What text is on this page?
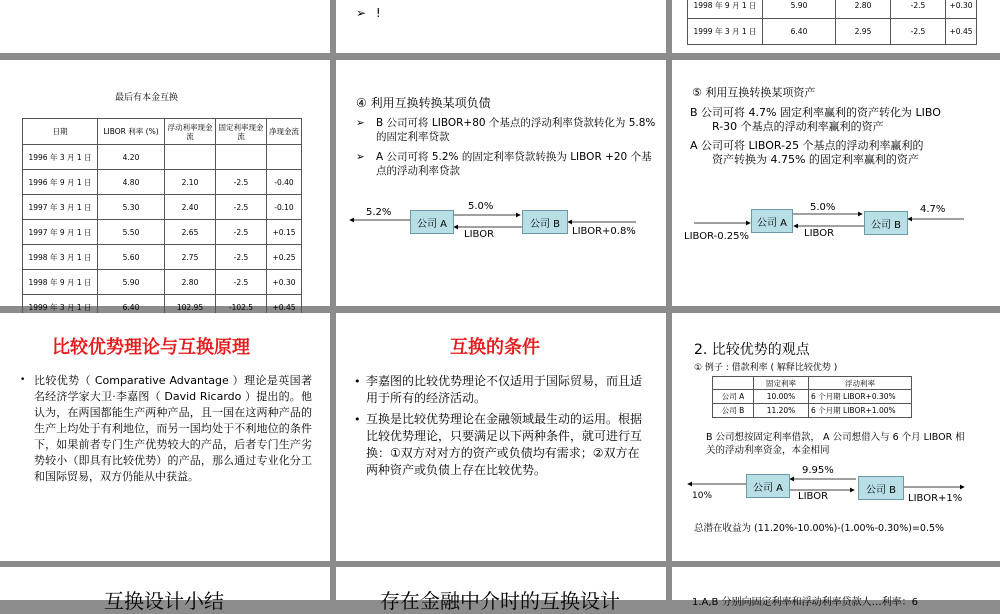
➢ !
1998 年 9 月 1 日	5.90	2.80	-2.5	+0.30
1999 年 3 月 1 日	6.40	2.95	-2.5	+0.45
最后有本金互换
日期	LIBOR 利率 (%)	浮动利率现金流	固定利率现金流	净现金流
1996 年 3 月 1 日	4.20			
1996 年 9 月 1 日	4.80	2.10	-2.5	-0.40
1997 年 3 月 1 日	5.30	2.40	-2.5	-0.10
1997 年 9 月 1 日	5.50	2.65	-2.5	+0.15
1998 年 3 月 1 日	5.60	2.75	-2.5	+0.25
1998 年 9 月 1 日	5.90	2.80	-2.5	+0.30
1999 年 3 月 1 日	6.40	102.95	-102.5	+0.45
④ 利用互换转换某项负债
➢ B 公司可将 LIBOR+80 个基点的浮动利率贷款转化为 5.8% 的固定利率贷款
➢ A 公司可将 5.2% 的固定利率贷款转换为 LIBOR +20 个基点的浮动利率贷款
5.2%
公司 A
5.0%
LIBOR
公司 B
LIBOR+0.8%
⑤ 利用互换转换某项资产
B 公司可将 4.7% 固定利率赢利的资产转化为 LIBO
R-30 个基点的浮动利率赢利的资产
A 公司可将 LIBOR-25 个基点的浮动利率赢利的
资产转换为 4.75% 的固定利率赢利的资产
公司 A
5.0%
LIBOR
公司 B
4.7%
LIBOR-0.25%
比较优势理论与互换原理
• 比较优势（ Comparative Advantage ）理论是英国著名经济学家大卫·李嘉图（ David Ricardo ）提出的。他认为，在两国都能生产两种产品，且一国在这两种产品的生产上均处于有利地位，而另一国均处于不利地位的条件下，如果前者专门生产优势较大的产品，后者专门生产劣势较小（即具有比较优势）的产品，那么通过专业化分工和国际贸易，双方仍能从中获益。
互换的条件
• 李嘉图的比较优势理论不仅适用于国际贸易，而且适用于所有的经济活动。
• 互换是比较优势理论在金融领域最生动的运用。根据比较优势理论，只要满足以下两种条件，就可进行互换：①双方对对方的资产或负债均有需求；②双方在两种资产或负债上存在比较优势。
2. 比较优势的观点
① 例子 : 借款利率 ( 解释比较优势 )
	固定利率	浮动利率
公司 A	10.00%	6 个月期 LIBOR+0.30%
公司 B	11.20%	6 个月期 LIBOR+1.00%
B 公司想按固定利率借款， A 公司想借入与 6 个月 LIBOR 相关的浮动利率资金，本金相同
公司 A
9.95%
10%	LIBOR
公司 B
LIBOR+1%
总潜在收益为 (11.20%-10.00%)-(1.00%-0.30%)=0.5%
互换设计小结	存在金融中介时的互换设计	1.A,B 分别向固定利率和浮动利率贷款人…利率：6
